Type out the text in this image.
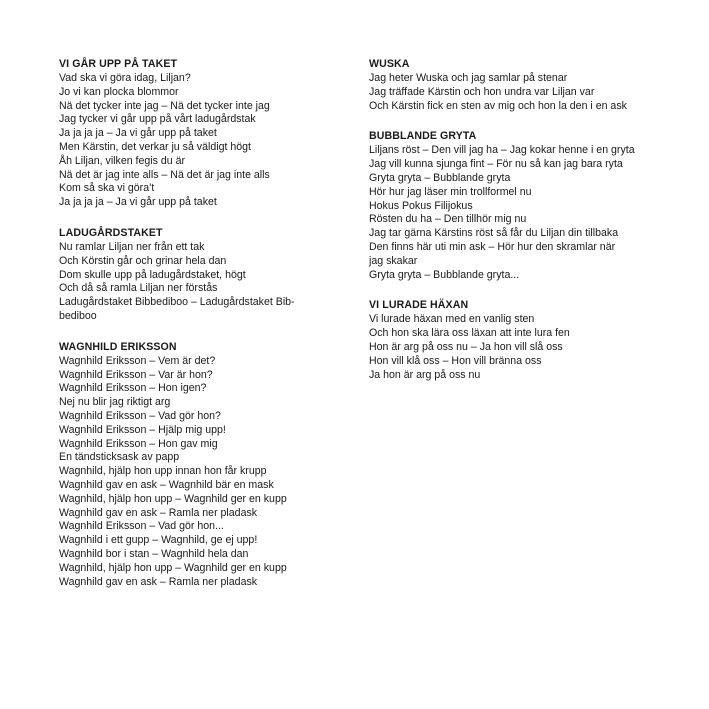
VI GÅR UPP PÅ TAKET
Vad ska vi göra idag, Liljan?
Jo vi kan plocka blommor
Nä det tycker inte jag – Nä det tycker inte jag
Jag tycker vi går upp på vårt ladugårdstak
Ja ja ja ja – Ja vi går upp på taket
Men Kärstin, det verkar ju så väldigt högt
Åh Liljan, vilken fegis du är
Nä det är jag inte alls – Nä det är jag inte alls
Kom så ska vi göra’t
Ja ja ja ja – Ja vi går upp på taket
LADUGÅRDSTAKET
Nu ramlar Liljan ner från ett tak
Och Körstin går och grinar hela dan
Dom skulle upp på ladugårdstaket, högt
Och då så ramla Liljan ner förstås
Ladugårdstaket Bibbediboo – Ladugårdstaket Bib-
bediboo
WAGNHILD ERIKSSON
Wagnhild Eriksson – Vem är det?
Wagnhild Eriksson – Var är hon?
Wagnhild Eriksson – Hon igen?
Nej nu blir jag riktigt arg
Wagnhild Eriksson – Vad gör hon?
Wagnhild Eriksson – Hjälp mig upp!
Wagnhild Eriksson – Hon gav mig
En tändsticksask av papp
Wagnhild, hjälp hon upp innan hon får krupp
Wagnhild gav en ask – Wagnhild bär en mask
Wagnhild, hjälp hon upp – Wagnhild ger en kupp
Wagnhild gav en ask – Ramla ner pladask
Wagnhild Eriksson – Vad gör hon...
Wagnhild i ett gupp – Wagnhild, ge ej upp!
Wagnhild bor i stan – Wagnhild hela dan
Wagnhild, hjälp hon upp – Wagnhild ger en kupp
Wagnhild gav en ask – Ramla ner pladask
WUSKA
Jag heter Wuska och jag samlar på stenar
Jag träffade Kärstin och hon undra var Liljan var
Och Kärstin fick en sten av mig och hon la den i en ask
BUBBLANDE GRYTA
Liljans röst – Den vill jag ha – Jag kokar henne i en gryta
Jag vill kunna sjunga fint – För nu så kan jag bara ryta
Gryta gryta – Bubblande gryta
Hör hur jag läser min trollformel nu
Hokus Pokus Filijokus
Rösten du ha – Den tillhör mig nu
Jag tar gärna Kärstins röst så får du Liljan din tillbaka
Den finns här uti min ask – Hör hur den skramlar när
jag skakar
Gryta gryta – Bubblande gryta...
VI LURADE HÄXAN
Vi lurade häxan med en vanlig sten
Och hon ska lära oss läxan att inte lura fen
Hon är arg på oss nu – Ja hon vill slå oss
Hon vill klå oss – Hon vill bränna oss
Ja hon är arg på oss nu
